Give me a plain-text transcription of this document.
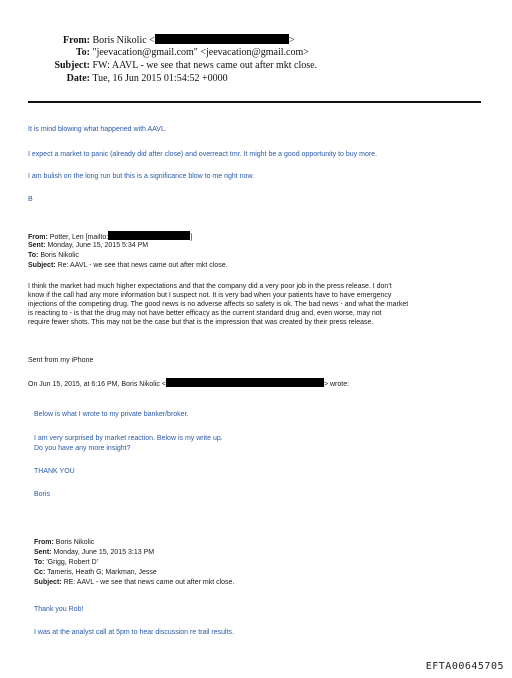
From: Boris Nikolic <	>
To: "jeevacation@gmail.com" <jeevacation@gmail.com>
Subject: FW: AAVL - we see that news came out after mkt close.
Date: Tue, 16 Jun 2015 01:54:52 +0000
It is mind blowing what happened with AAVL.
I expect a market to panic (already did after close) and overreact tmr. It might be a good opportunity to buy more.
I am bulish on the long run but this is a significance blow to me right now.
B
From: Potter, Len [mailto:	]
Sent: Monday, June 15, 2015 5:34 PM
To: Boris Nikolic
Subject: Re: AAVL - we see that news came out after mkt close.
I think the market had much higher expectations and that the company did a very poor job in the press release. I don't
know if the call had any more information but I suspect not. It is very bad when your patients have to have emergency
injections of the competing drug. The good news is no adverse affects so safety is ok. The bad news - and what the market
is reacting to - is that the drug may not have better efficacy as the current standard drug and, even worse, may not
require fewer shots. This may not be the case but that is the impression that was created by their press release.
Sent from my iPhone
On Jun 15, 2015, at 6:16 PM, Boris Nikolic <	> wrote:
Below is what I wrote to my private banker/broker.
I am very surprised by market reaction. Below is my write up.
Do you have any more insight?
THANK YOU
Boris
From: Boris Nikolic
Sent: Monday, June 15, 2015 3:13 PM
To: 'Grigg, Robert D'
Cc: Tameris, Heath G; Markman, Jesse
Subject: RE: AAVL - we see that news came out after mkt close.
Thank you Rob!
I was at the analyst call at 5pm to hear discussion re trail results.
EFTA00645705
